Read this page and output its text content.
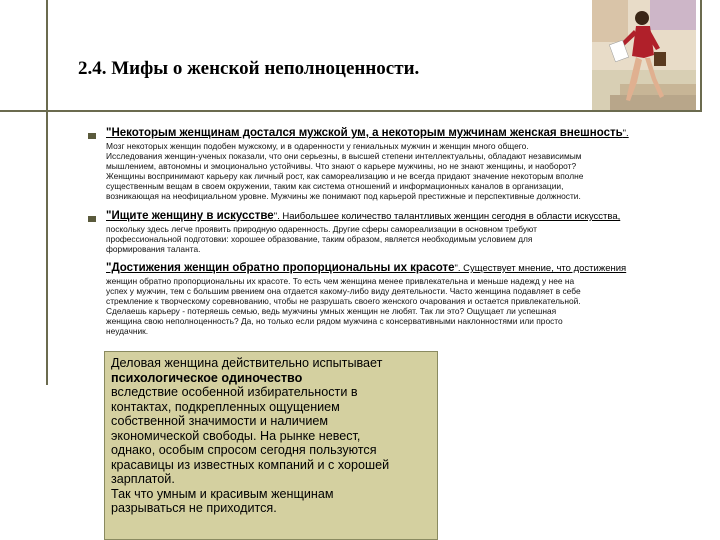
2.4. Мифы о женской неполноценности.
"Некоторым женщинам достался мужской ум, а некоторым мужчинам женская внешность".
Мозг некоторых женщин подобен мужскому, и в одаренности у гениальных мужчин и женщин много общего.
Исследования женщин-ученых показали, что они серьезны, в высшей степени интеллектуальны, обладают независимым
мышлением, автономны и эмоционально устойчивы. Что знают о карьере мужчины, но не знают женщины, и наоборот?
Женщины воспринимают карьеру как личный рост, как самореализацию и не всегда придают значение некоторым вполне
существенным вещам в своем окружении, таким как система отношений и информационных каналов в организации,
возникающая на неофициальном уровне. Мужчины же понимают под карьерой престижные и перспективные должности.
"Ищите женщину в искусстве". Наибольшее количество талантливых женщин сегодня в области искусства,
поскольку здесь легче проявить природную одаренность. Другие сферы самореализации в основном требуют
профессиональной подготовки: хорошее образование, таким образом, является необходимым условием для
формирования таланта.
"Достижения женщин обратно пропорциональны их красоте". Существует мнение, что достижения
женщин обратно пропорциональны их красоте. То есть чем женщина менее привлекательна и меньше надежд у нее на
успех у мужчин, тем с большим рвением она отдается какому-либо виду деятельности. Часто женщина подавляет в себе
стремление к творческому соревнованию, чтобы не разрушать своего женского очарования и остается привлекательной.
Сделаешь карьеру - потеряешь семью, ведь мужчины умных женщин не любят. Так ли это? Ощущает ли успешная
женщина свою неполноценность? Да, но только если рядом мужчина с консервативными наклонностями или просто
неудачник.
Деловая женщина действительно испытывает
психологическое одиночество
вследствие особенной избирательности в
контактах, подкрепленных ощущением
собственной значимости и наличием
экономической свободы. На рынке невест,
однако, особым спросом сегодня пользуются
красавицы из известных компаний и с хорошей
зарплатой.
Так что умным и красивым женщинам
разрываться не приходится.
